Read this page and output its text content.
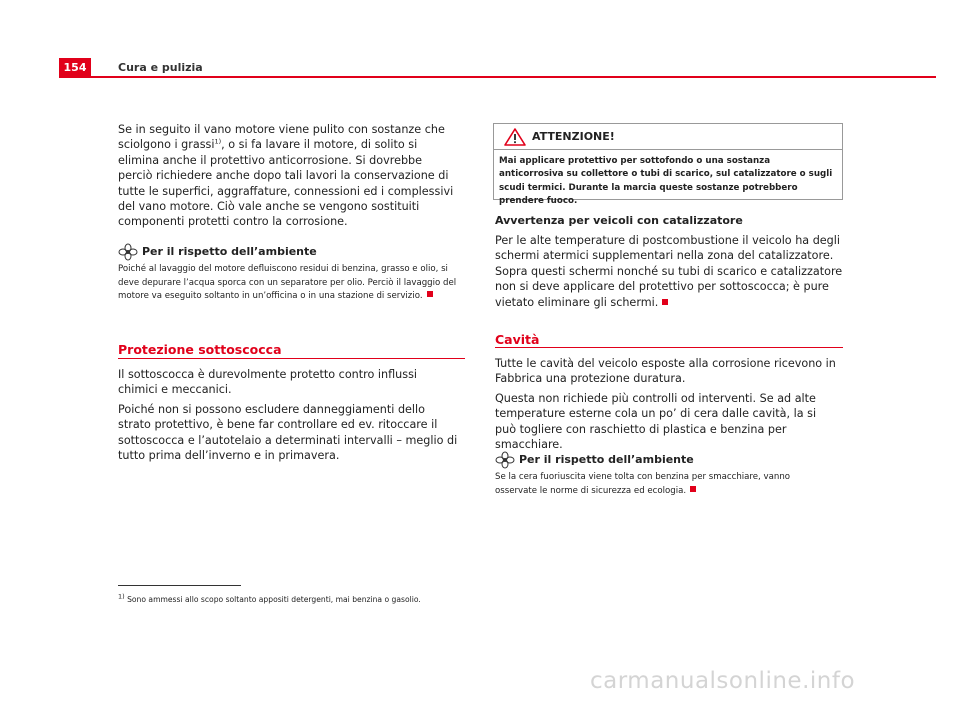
154	Cura e pulizia

Se in seguito il vano motore viene pulito con sostanze che sciolgono i grassi$^{1)}$, o si fa lavare il motore, di solito si elimina anche il protettivo anticorrosione. Si dovrebbe perciò richiedere anche dopo tali lavori la conservazione di tutte le superfici, aggraffature, connessioni ed i complessivi del vano motore. Ciò vale anche se vengono sostituiti componenti protetti contro la corrosione.

Per il rispetto dell’ambiente

Poiché al lavaggio del motore defluiscono residui di benzina, grasso e olio, si deve depurare l’acqua sporca con un separatore per olio. Perciò il lavaggio del motore va eseguito soltanto in un’officina o in una stazione di servizio.

Protezione sottoscocca

Il sottoscocca è durevolmente protetto contro influssi chimici e meccanici.

Poiché non si possono escludere danneggiamenti dello strato protettivo, è bene far controllare ed ev. ritoccare il sottoscocca e l’autotelaio a determinati intervalli – meglio di tutto prima dell’inverno e in primavera.

ATTENZIONE!

Mai applicare protettivo per sottofondo o una sostanza anticorrosiva su collettore o tubi di scarico, sul catalizzatore o sugli scudi termici. Durante la marcia queste sostanze potrebbero prendere fuoco.

Avvertenza per veicoli con catalizzatore

Per le alte temperature di postcombustione il veicolo ha degli schermi atermici supplementari nella zona del catalizzatore. Sopra questi schermi nonché su tubi di scarico e catalizzatore non si deve applicare del protettivo per sottoscocca; è pure vietato eliminare gli schermi.

Cavità

Tutte le cavità del veicolo esposte alla corrosione ricevono in Fabbrica una protezione duratura.

Questa non richiede più controlli od interventi. Se ad alte temperature esterne cola un po’ di cera dalle cavità, la si può togliere con raschietto di plastica e benzina per smacchiare.

Per il rispetto dell’ambiente

Se la cera fuoriuscita viene tolta con benzina per smacchiare, vanno osservate le norme di sicurezza ed ecologia.

$^{1)}$ Sono ammessi allo scopo soltanto appositi detergenti, mai benzina o gasolio.
carmanualsonline.info
